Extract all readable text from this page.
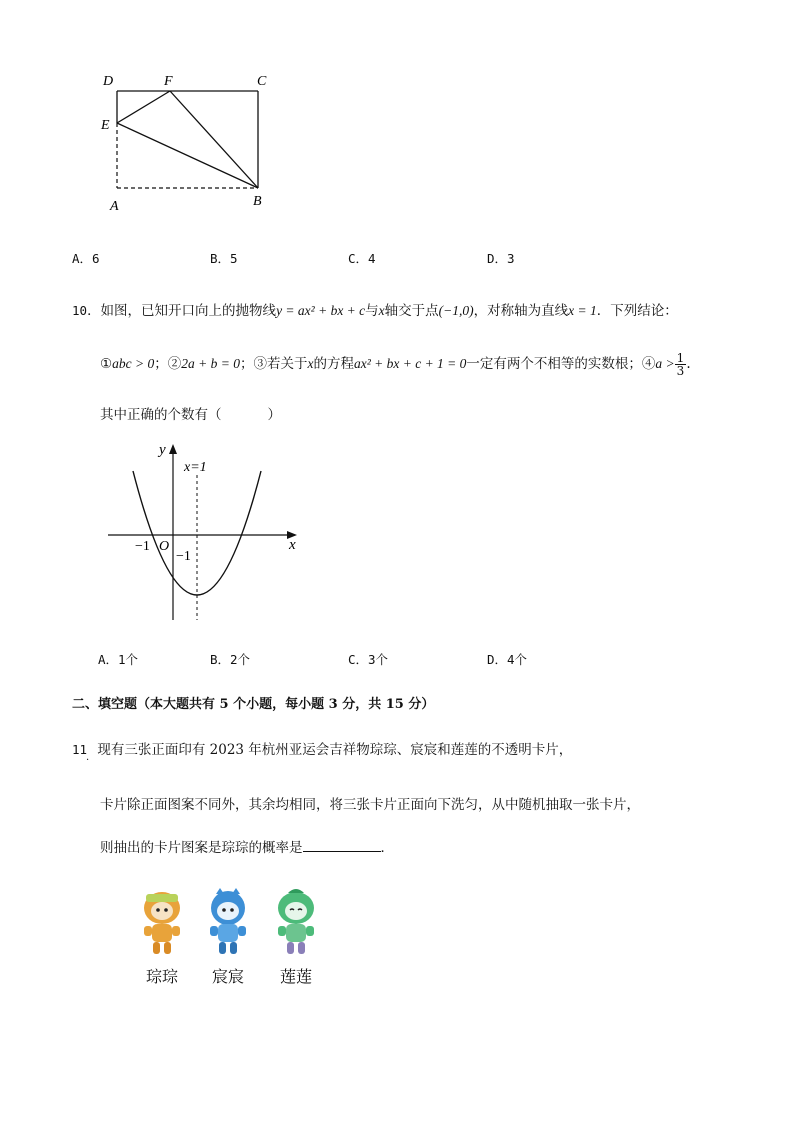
D	F	C
E
A	B
A．6	B．5	C．4	D．3
10．如图，已知开口向上的抛物线y = ax² + bx + c与x轴交于点(−1,0)，对称轴为直线x = 1．下列结论：
①abc > 0；②2a + b = 0；③若关于x的方程ax² + bx + c + 1 = 0一定有两个不相等的实数根；④a > $\frac{1}{3}$ .
其中正确的个数有（	）
y
x
x=1
−1 O
−1
A．1个	B．2个	C．3个	D．4个
二、填空题（本大题共有 5 个小题，每小题 3 分，共 15 分）
11 现有三张正面印有 2023 年杭州亚运会吉祥物琮琮、宸宸和莲莲的不透明卡片，
.
卡片除正面图案不同外，其余均相同，将三张卡片正面向下洗匀，从中随机抽取一张卡片，
则抽出的卡片图案是琮琮的概率是	．
琮琮	宸宸	莲莲
